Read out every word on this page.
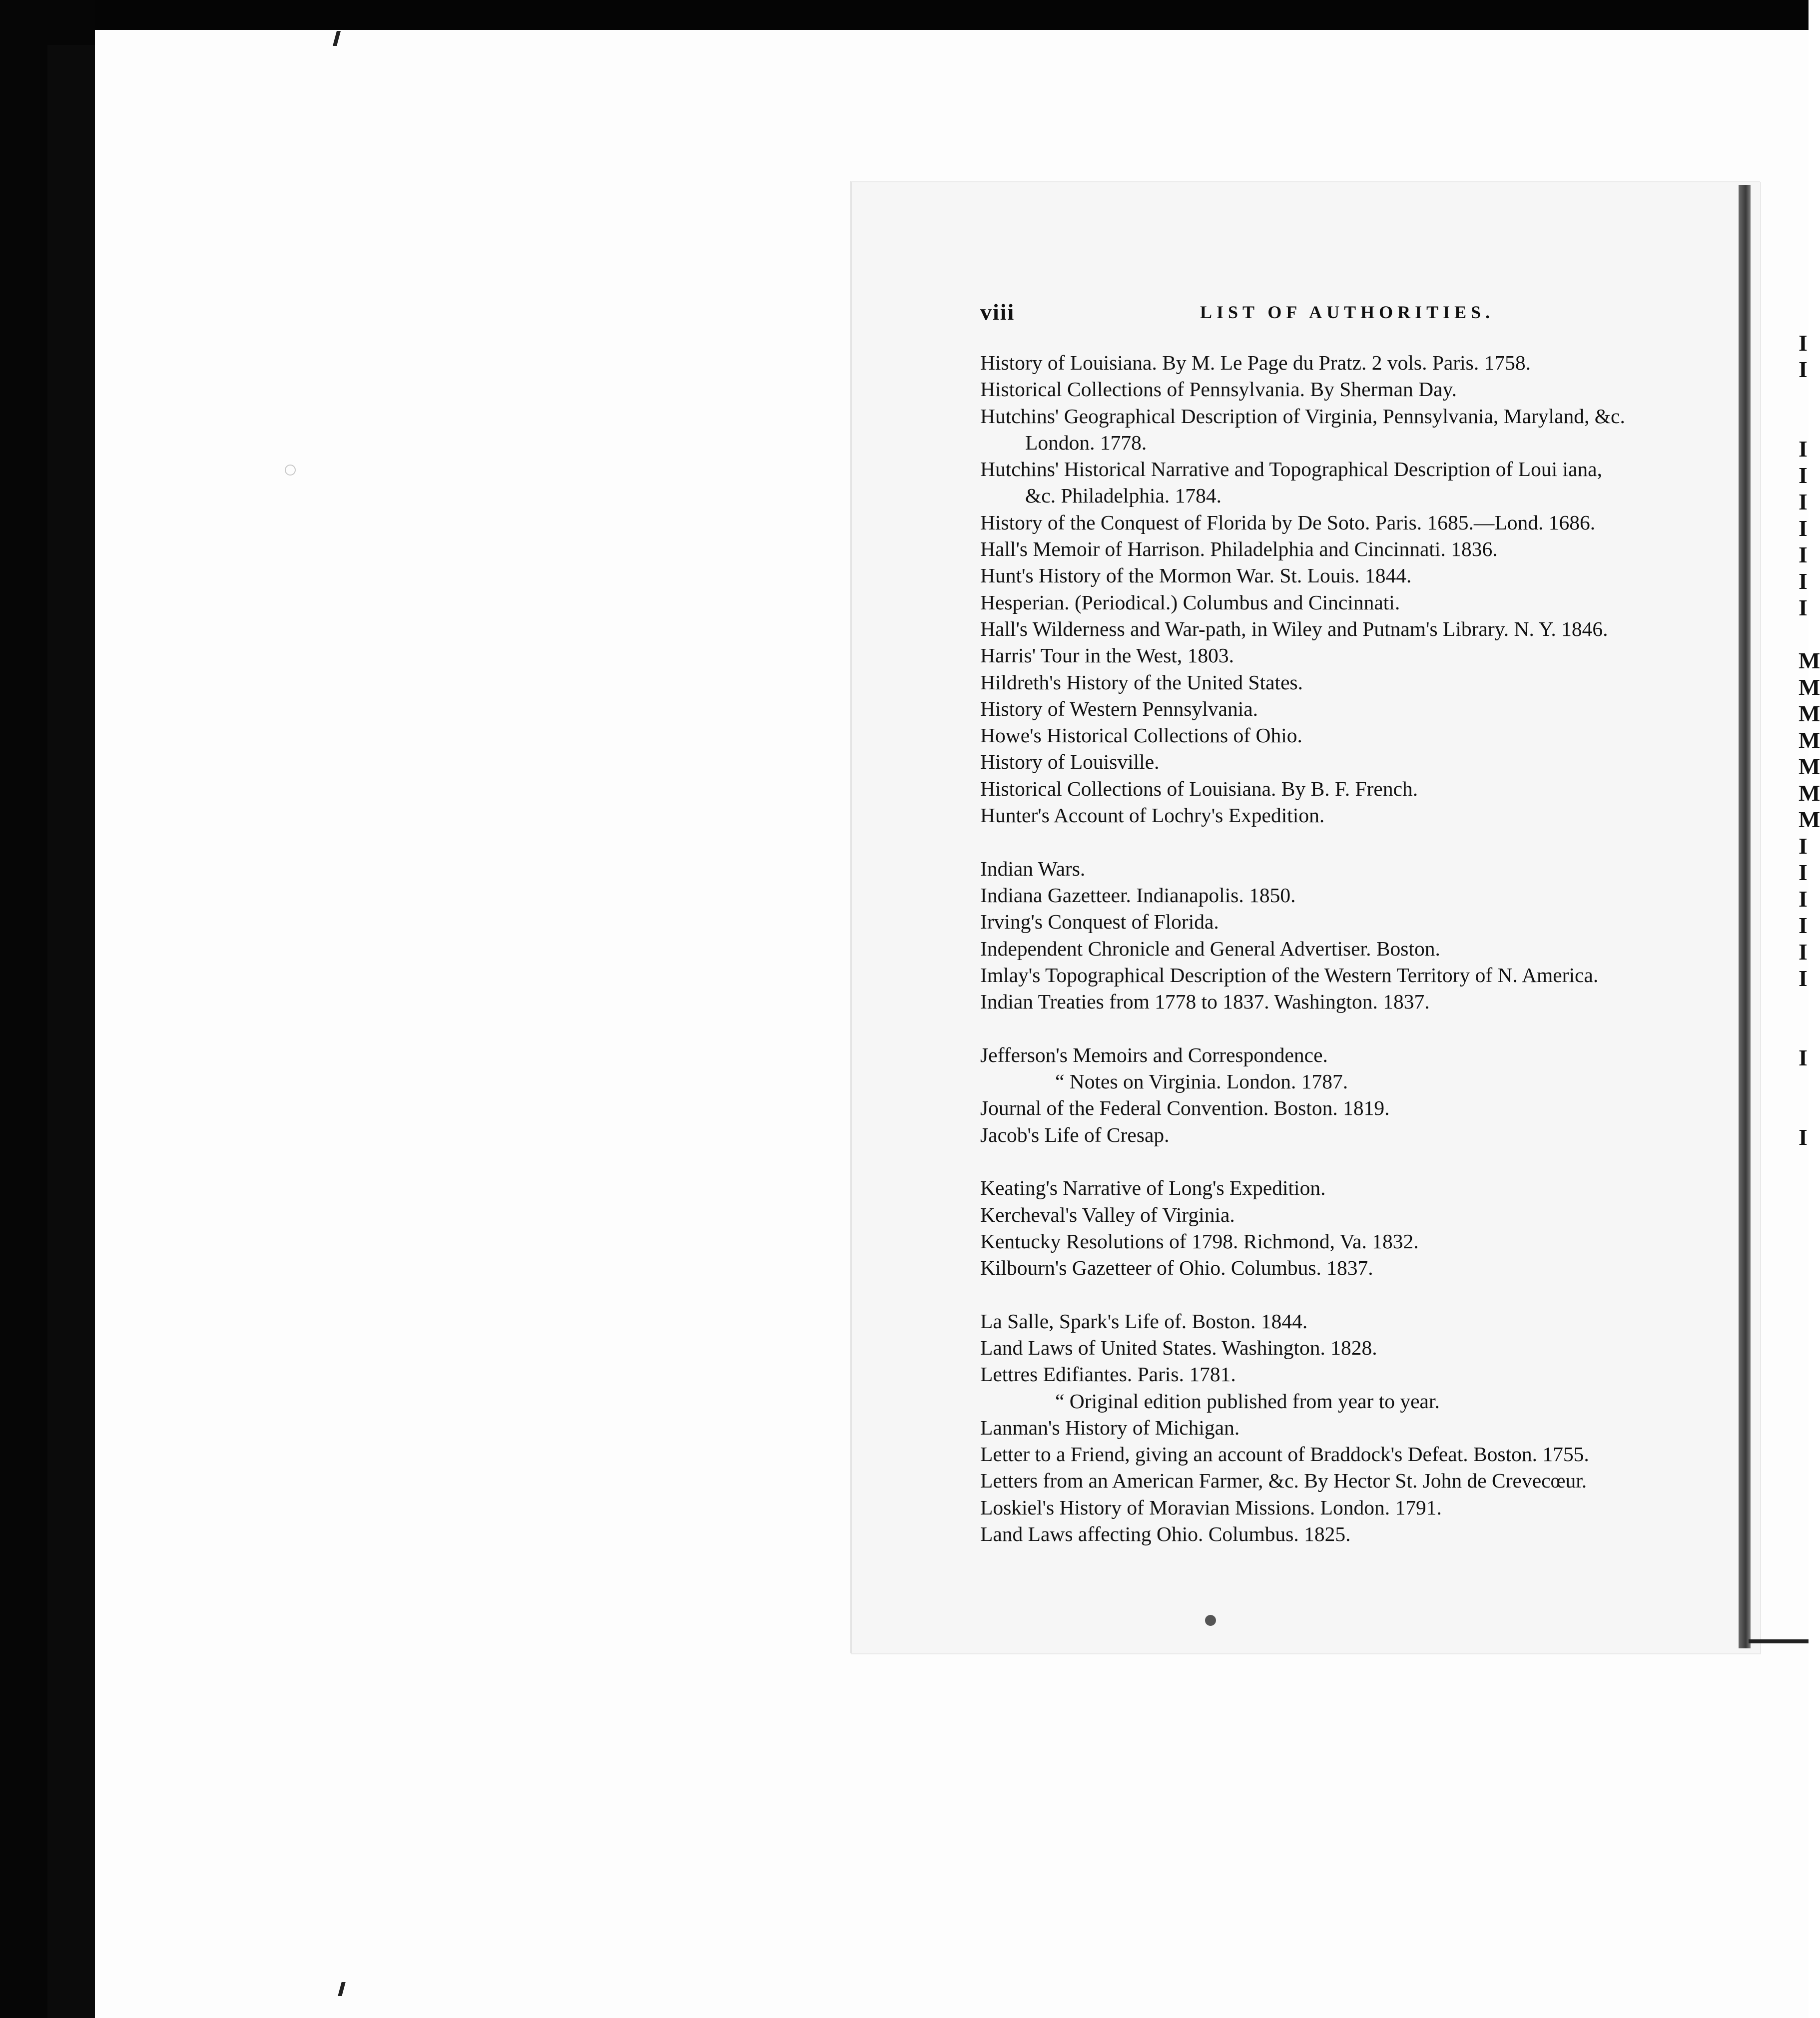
I
I
I
I
I
I
I
I
I
M
M
M
M
M
M
M
I
I
I
I
I
I
I
I
viii	LIST OF AUTHORITIES.
History of Louisiana. By M. Le Page du Pratz. 2 vols. Paris. 1758.
Historical Collections of Pennsylvania. By Sherman Day.
Hutchins' Geographical Description of Virginia, Pennsylvania, Maryland, &c.
London. 1778.
Hutchins' Historical Narrative and Topographical Description of Loui iana,
&c. Philadelphia. 1784.
History of the Conquest of Florida by De Soto. Paris. 1685.—Lond. 1686.
Hall's Memoir of Harrison. Philadelphia and Cincinnati. 1836.
Hunt's History of the Mormon War. St. Louis. 1844.
Hesperian. (Periodical.) Columbus and Cincinnati.
Hall's Wilderness and War-path, in Wiley and Putnam's Library. N. Y. 1846.
Harris' Tour in the West, 1803.
Hildreth's History of the United States.
History of Western Pennsylvania.
Howe's Historical Collections of Ohio.
History of Louisville.
Historical Collections of Louisiana. By B. F. French.
Hunter's Account of Lochry's Expedition.
Indian Wars.
Indiana Gazetteer. Indianapolis. 1850.
Irving's Conquest of Florida.
Independent Chronicle and General Advertiser. Boston.
Imlay's Topographical Description of the Western Territory of N. America.
Indian Treaties from 1778 to 1837. Washington. 1837.
Jefferson's Memoirs and Correspondence.
“ Notes on Virginia. London. 1787.
Journal of the Federal Convention. Boston. 1819.
Jacob's Life of Cresap.
Keating's Narrative of Long's Expedition.
Kercheval's Valley of Virginia.
Kentucky Resolutions of 1798. Richmond, Va. 1832.
Kilbourn's Gazetteer of Ohio. Columbus. 1837.
La Salle, Spark's Life of. Boston. 1844.
Land Laws of United States. Washington. 1828.
Lettres Edifiantes. Paris. 1781.
“ Original edition published from year to year.
Lanman's History of Michigan.
Letter to a Friend, giving an account of Braddock's Defeat. Boston. 1755.
Letters from an American Farmer, &c. By Hector St. John de Crevecœur.
Loskiel's History of Moravian Missions. London. 1791.
Land Laws affecting Ohio. Columbus. 1825.
